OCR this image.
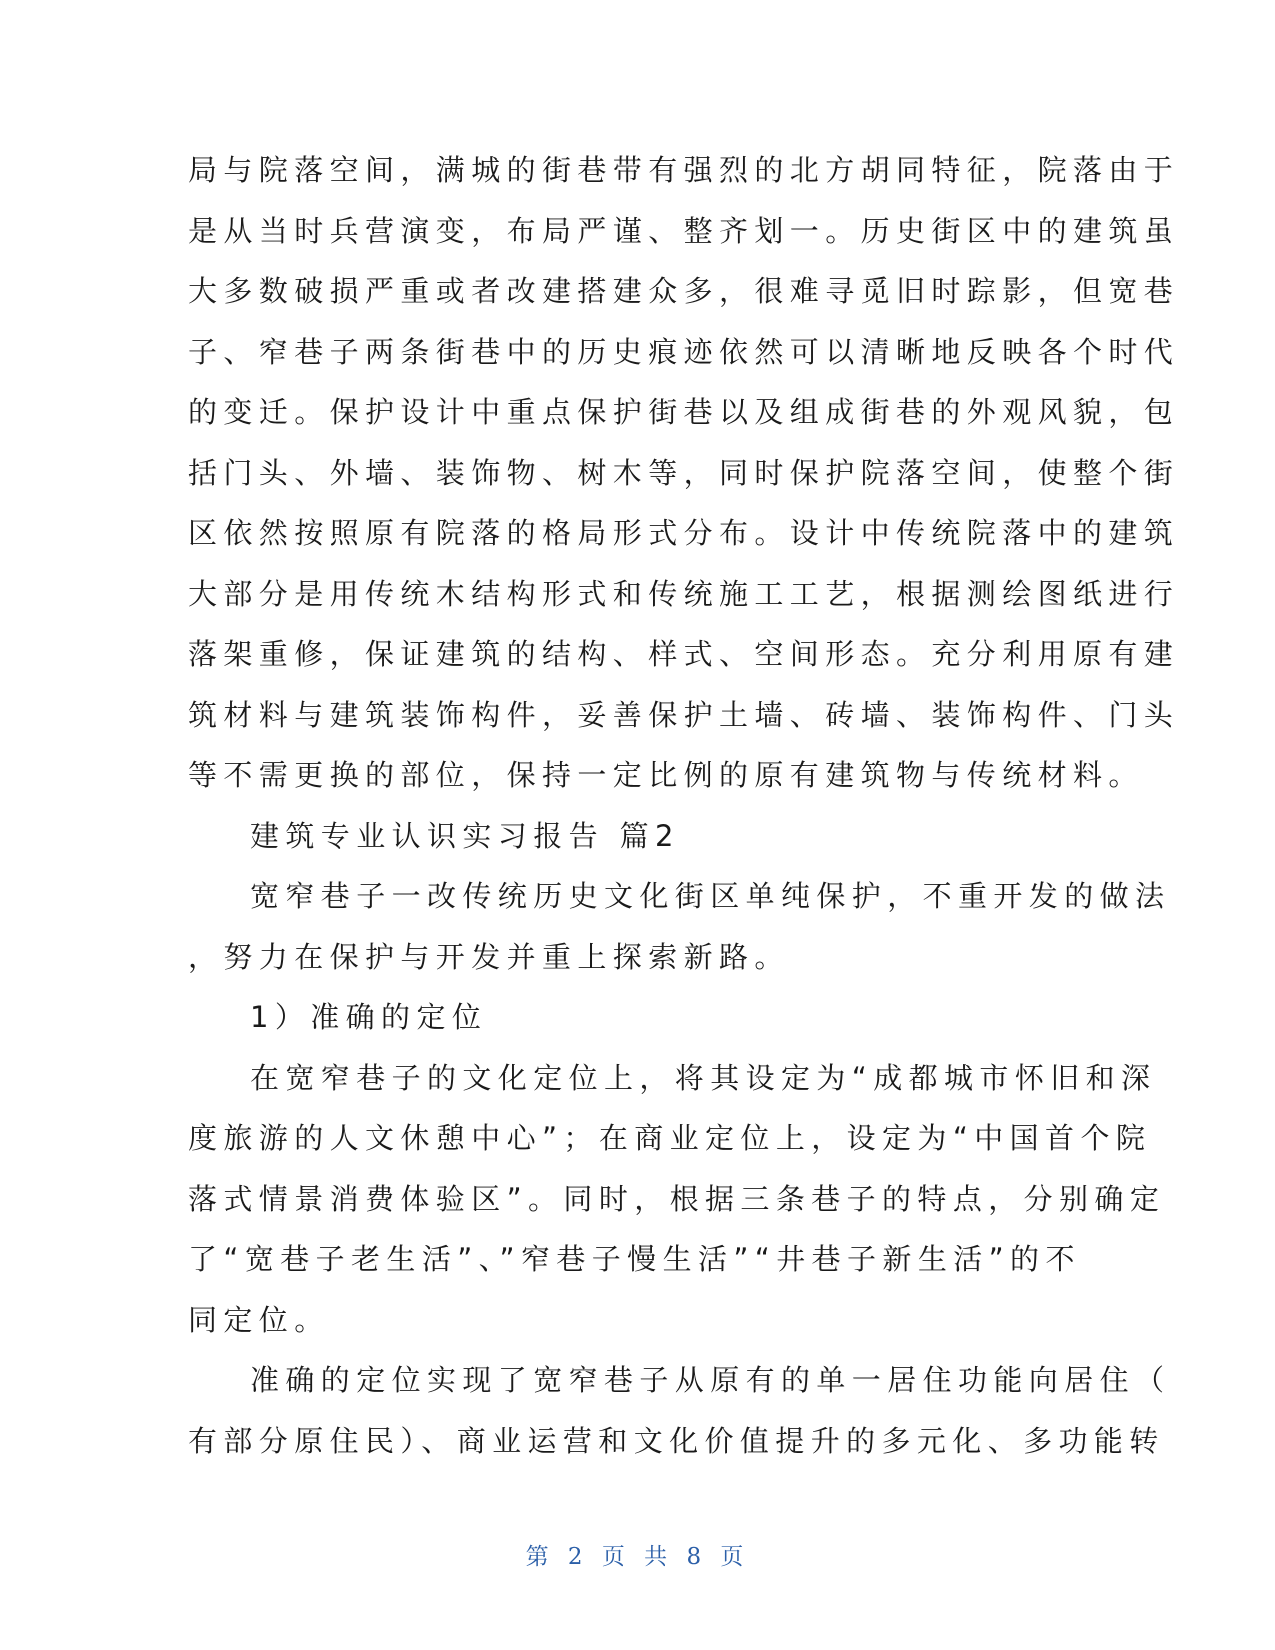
局与院落空间，满城的街巷带有强烈的北方胡同特征，院落由于
是从当时兵营演变，布局严谨、整齐划一。历史街区中的建筑虽
大多数破损严重或者改建搭建众多，很难寻觅旧时踪影，但宽巷
子、窄巷子两条街巷中的历史痕迹依然可以清晰地反映各个时代
的变迁。保护设计中重点保护街巷以及组成街巷的外观风貌，包
括门头、外墙、装饰物、树木等，同时保护院落空间，使整个街
区依然按照原有院落的格局形式分布。设计中传统院落中的建筑
大部分是用传统木结构形式和传统施工工艺，根据测绘图纸进行
落架重修，保证建筑的结构、样式、空间形态。充分利用原有建
筑材料与建筑装饰构件，妥善保护土墙、砖墙、装饰构件、门头
等不需更换的部位，保持一定比例的原有建筑物与传统材料。
建筑专业认识实习报告 篇2
宽窄巷子一改传统历史文化街区单纯保护，不重开发的做法
，努力在保护与开发并重上探索新路。
1）准确的定位
在宽窄巷子的文化定位上，将其设定为“成都城市怀旧和深
度旅游的人文休憩中心”；在商业定位上，设定为“中国首个院
落式情景消费体验区”。同时，根据三条巷子的特点，分别确定
了“宽巷子老生活”、”窄巷子慢生活”“井巷子新生活”的不
同定位。
准确的定位实现了宽窄巷子从原有的单一居住功能向居住（
有部分原住民）、商业运营和文化价值提升的多元化、多功能转
第 2 页 共 8 页
